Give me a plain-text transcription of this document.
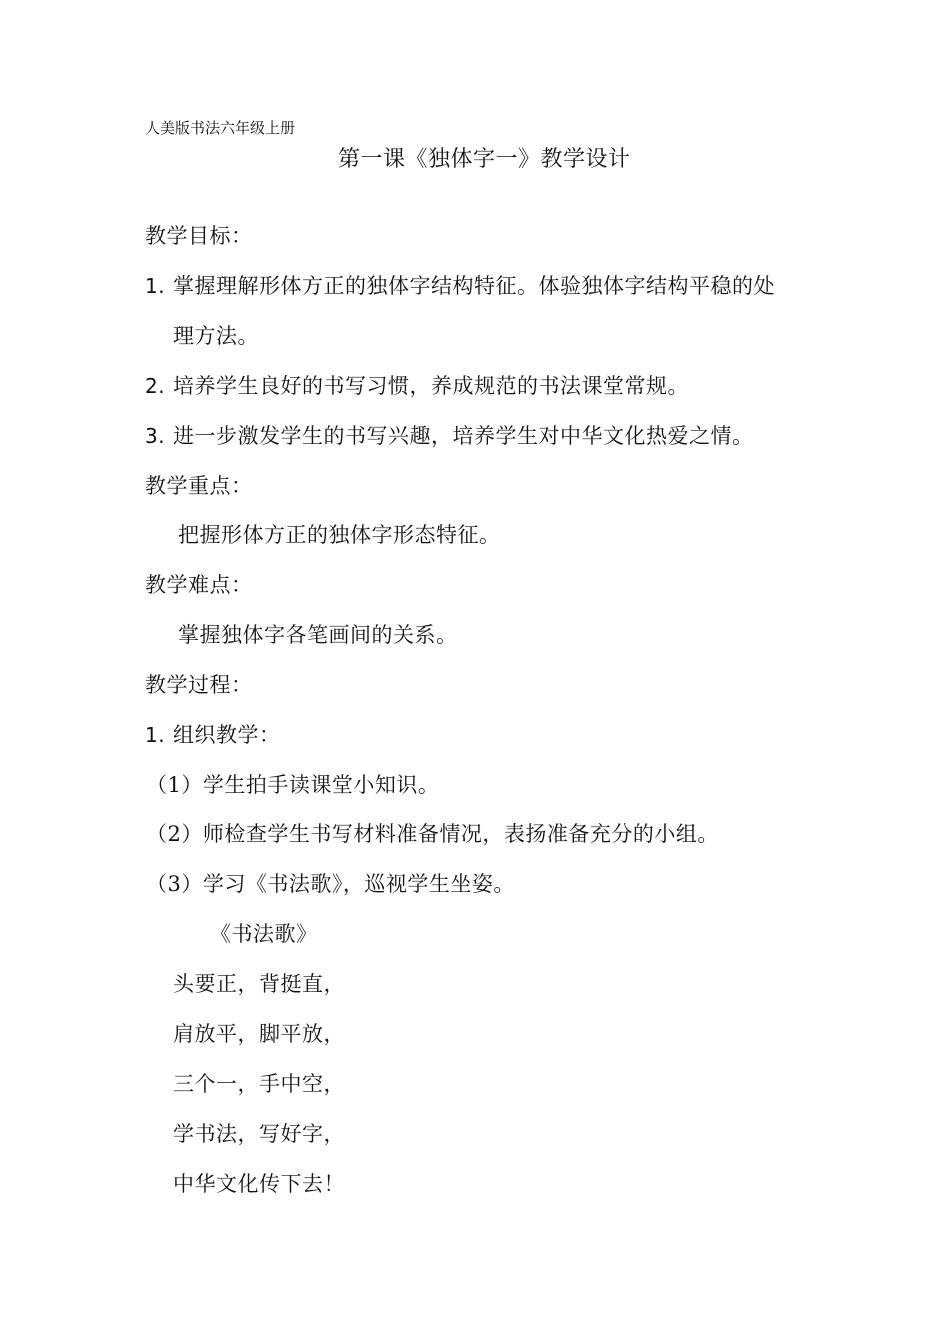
人美版书法六年级上册
第一课《独体字一》教学设计
教学目标：
1. 掌握理解形体方正的独体字结构特征。体验独体字结构平稳的处
理方法。
2. 培养学生良好的书写习惯，养成规范的书法课堂常规。
3. 进一步激发学生的书写兴趣，培养学生对中华文化热爱之情。
教学重点：
把握形体方正的独体字形态特征。
教学难点：
掌握独体字各笔画间的关系。
教学过程：
1. 组织教学：
（1）学生拍手读课堂小知识。
（2）师检查学生书写材料准备情况，表扬准备充分的小组。
（3）学习《书法歌》，巡视学生坐姿。
《书法歌》
头要正，背挺直，
肩放平，脚平放，
三个一，手中空，
学书法，写好字，
中华文化传下去！
